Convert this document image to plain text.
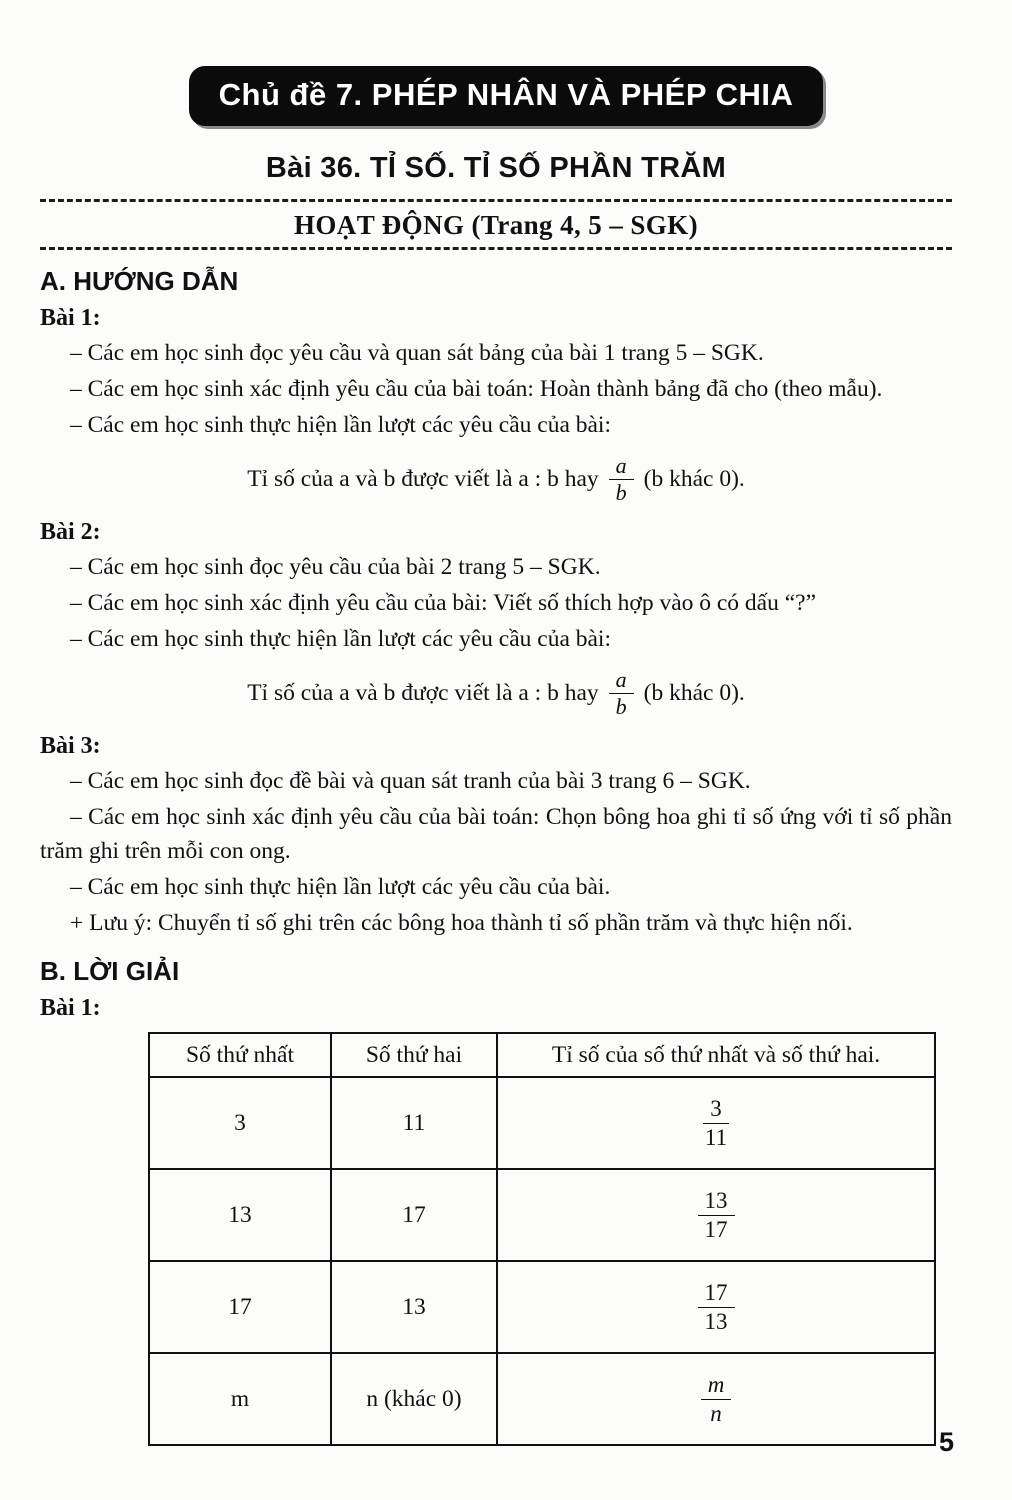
Chủ đề 7. PHÉP NHÂN VÀ PHÉP CHIA
Bài 36. TỈ SỐ. TỈ SỐ PHẦN TRĂM
HOẠT ĐỘNG (Trang 4, 5 – SGK)
A. HƯỚNG DẪN
Bài 1:

– Các em học sinh đọc yêu cầu và quan sát bảng của bài 1 trang 5 – SGK.

– Các em học sinh xác định yêu cầu của bài toán: Hoàn thành bảng đã cho (theo mẫu).

– Các em học sinh thực hiện lần lượt các yêu cầu của bài:

Tỉ số của a và b được viết là a : b hay $\frac{a}{b} (b$ khác 0).
Bài 2:

– Các em học sinh đọc yêu cầu của bài 2 trang 5 – SGK.

– Các em học sinh xác định yêu cầu của bài: Viết số thích hợp vào ô có dấu “?”

– Các em học sinh thực hiện lần lượt các yêu cầu của bài:

Tỉ số của a và b được viết là a : b hay $\frac{a}{b} (b$ khác 0).
Bài 3:

– Các em học sinh đọc đề bài và quan sát tranh của bài 3 trang 6 – SGK.

– Các em học sinh xác định yêu cầu của bài toán: Chọn bông hoa ghi tỉ số ứng với tỉ số phần trăm ghi trên mỗi con ong.

– Các em học sinh thực hiện lần lượt các yêu cầu của bài.

+ Lưu ý: Chuyển tỉ số ghi trên các bông hoa thành tỉ số phần trăm và thực hiện nối.

B. LỜI GIẢI
Bài 1:
Số thứ nhất	Số thứ hai	Tỉ số của số thứ nhất và số thứ hai.
3	11	$\frac{3}{11}$

13	17	$\frac{13}{17}$

17	13	$\frac{17}{13}$

m	n (khác 0)	$\frac{m}{n}$
5
